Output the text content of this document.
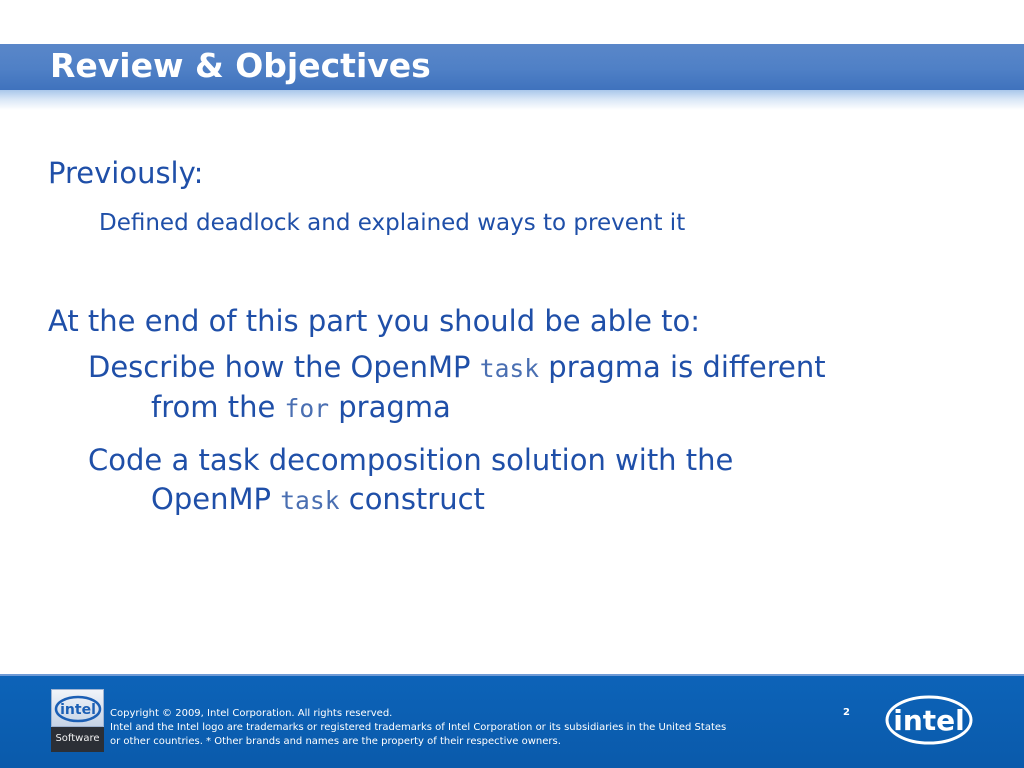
Review & Objectives
Previously:
Defined deadlock and explained ways to prevent it
At the end of this part you should be able to:
Describe how the OpenMP task pragma is different
from the for pragma
Code a task decomposition solution with the
OpenMP task construct
intel
Software
Copyright © 2009, Intel Corporation. All rights reserved.
Intel and the Intel logo are trademarks or registered trademarks of Intel Corporation or its subsidiaries in the United States
or other countries. * Other brands and names are the property of their respective owners.
2 intel
